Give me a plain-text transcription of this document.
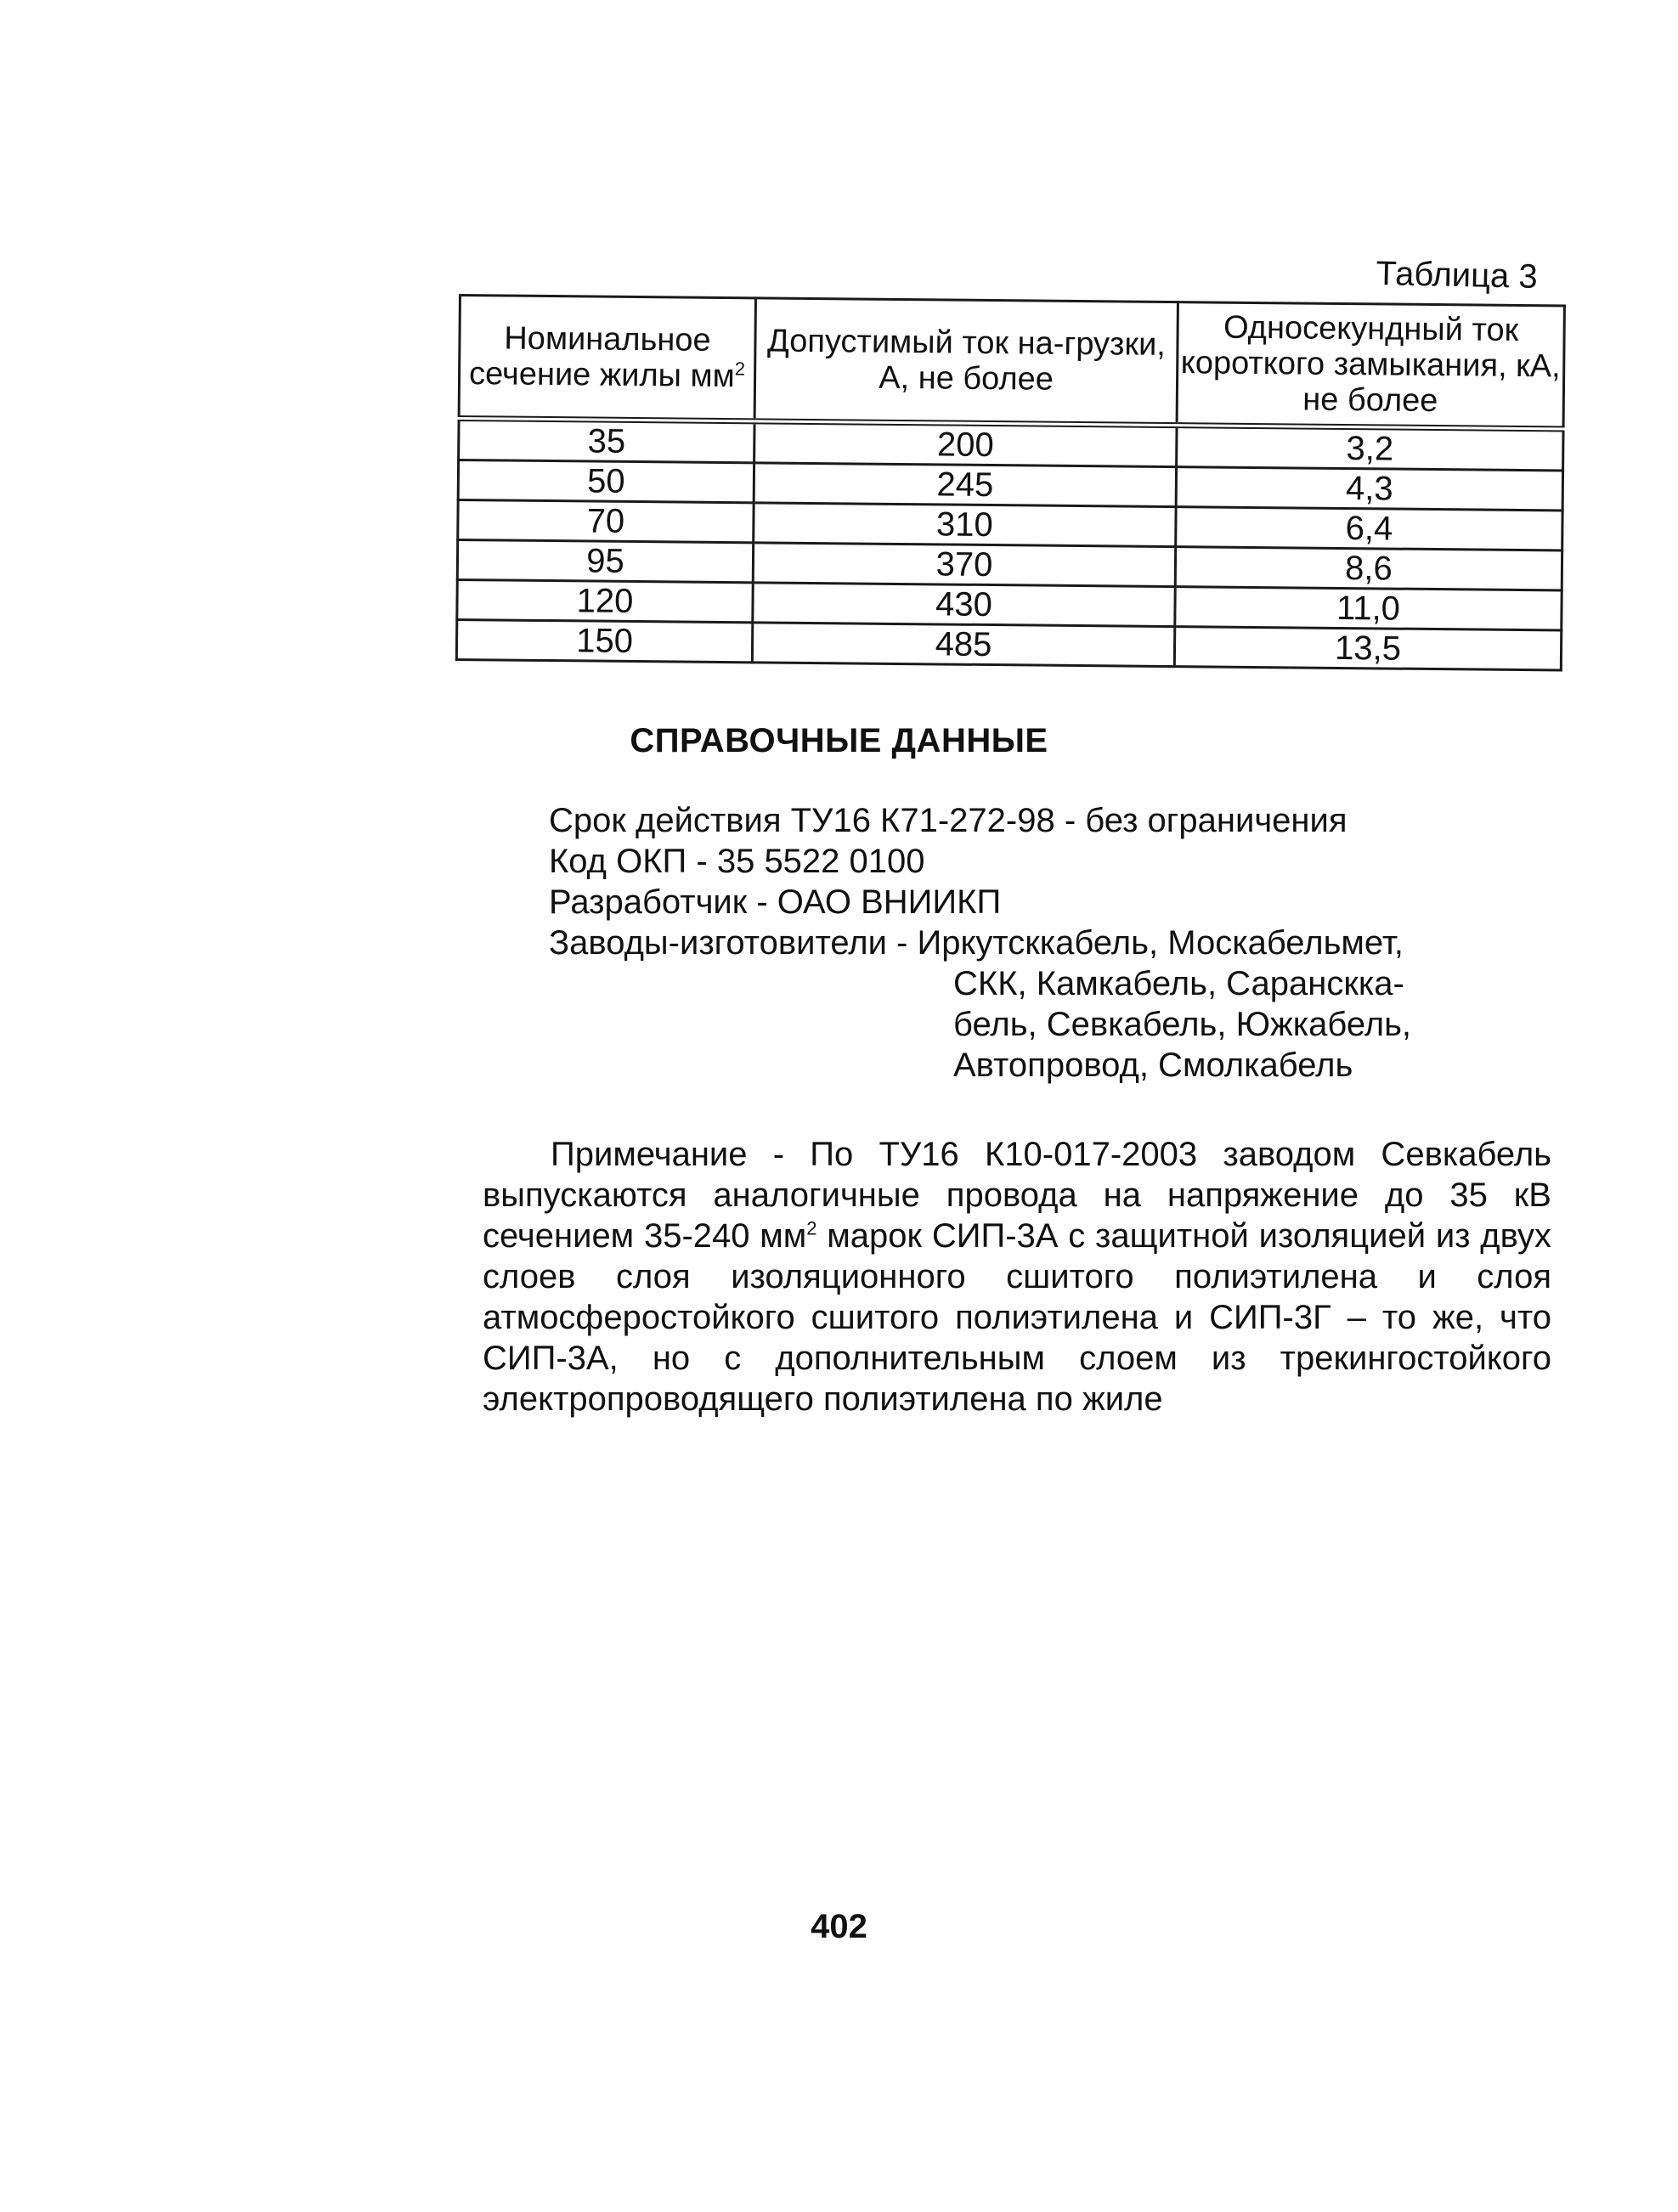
Таблица 3
Номинальное сечение жилы $мм^2$	Допустимый ток на-грузки, А, не более	Односекундный ток короткого замыкания, кА, не более
35	200	3,2
50	245	4,3
70	310	6,4
95	370	8,6
120	430	11,0
150	485	13,5
СПРАВОЧНЫЕ ДАННЫЕ
Срок действия ТУ16 К71-272-98 - без ограничения
Код ОКП - 35 5522 0100
Разработчик - ОАО ВНИИКП
Заводы-изготовители - Иркутсккабель, Москабельмет,
СКК, Камкабель, Саранскка-
бель, Севкабель, Южкабель,
Автопровод, Смолкабель
Примечание - По ТУ16 К10-017-2003 заводом Севкабель выпускаются аналогичные провода на напряжение до 35 кВ сечением 35-240 $мм^2$ марок СИП-3А с защитной изоляцией из двух слоев слоя изоляционного сшитого полиэтилена и слоя атмосферостойкого сшитого полиэтилена и СИП-3Г – то же, что СИП-3А, но с дополнительным слоем из трекингостойкого электропроводящего полиэтилена по жиле
402
